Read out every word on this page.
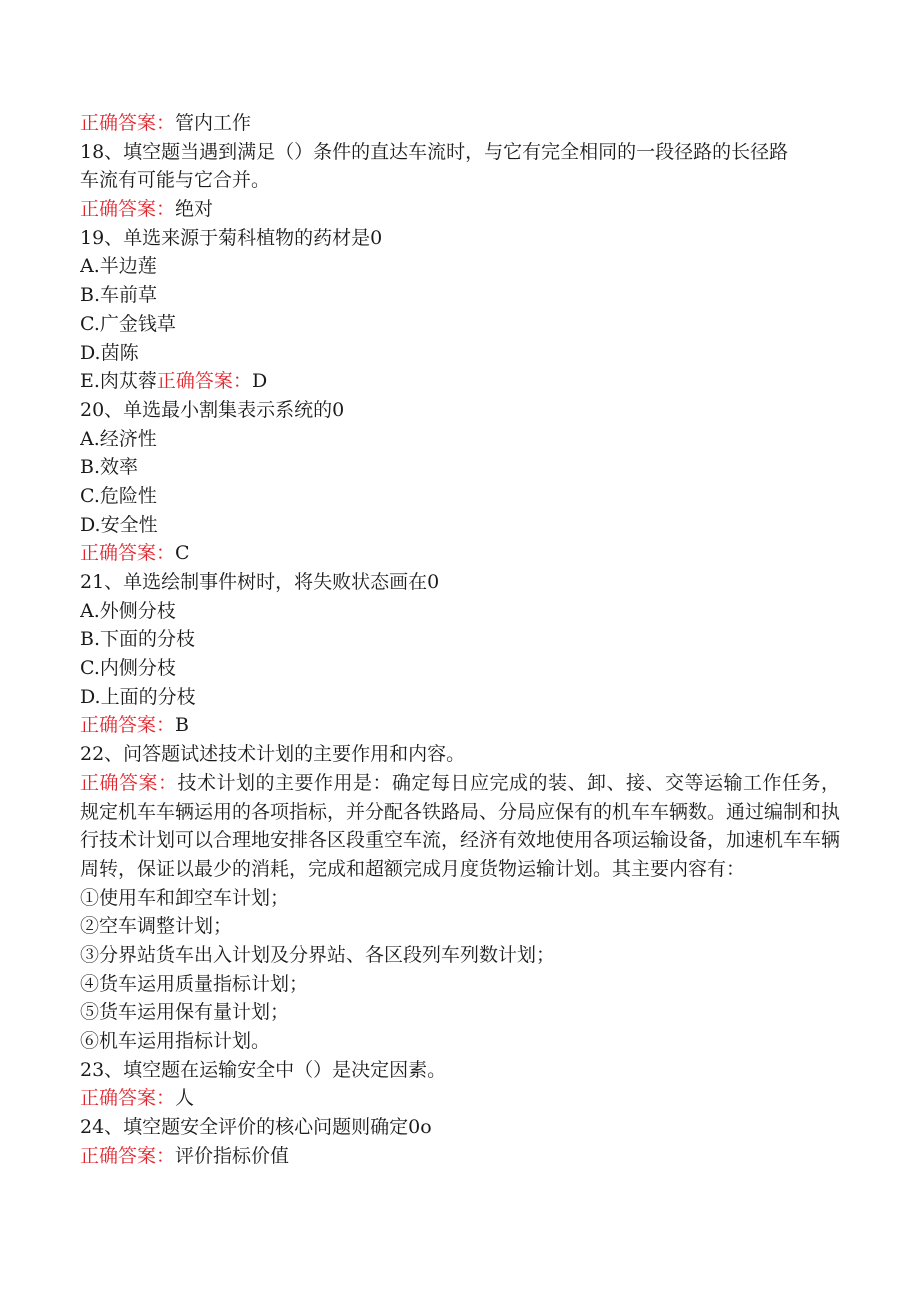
正确答案：管内工作
18、填空题当遇到满足（）条件的直达车流时，与它有完全相同的一段径路的长径路
车流有可能与它合并。
正确答案：绝对
19、单选来源于菊科植物的药材是0
A.半边莲
B.车前草
C.广金钱草
D.茵陈
E.肉苁蓉正确答案：D
20、单选最小割集表示系统的0
A.经济性
B.效率
C.危险性
D.安全性
正确答案：C
21、单选绘制事件树时，将失败状态画在0
A.外侧分枝
B.下面的分枝
C.内侧分枝
D.上面的分枝
正确答案：B
22、问答题试述技术计划的主要作用和内容。
正确答案：技术计划的主要作用是：确定每日应完成的装、卸、接、交等运输工作任务，规定机车车辆运用的各项指标，并分配各铁路局、分局应保有的机车车辆数。通过编制和执行技术计划可以合理地安排各区段重空车流，经济有效地使用各项运输设备，加速机车车辆周转，保证以最少的消耗，完成和超额完成月度货物运输计划。其主要内容有：
①使用车和卸空车计划；
②空车调整计划；
③分界站货车出入计划及分界站、各区段列车列数计划；
④货车运用质量指标计划；
⑤货车运用保有量计划；
⑥机车运用指标计划。
23、填空题在运输安全中（）是决定因素。
正确答案：人
24、填空题安全评价的核心问题则确定0o
正确答案：评价指标价值
